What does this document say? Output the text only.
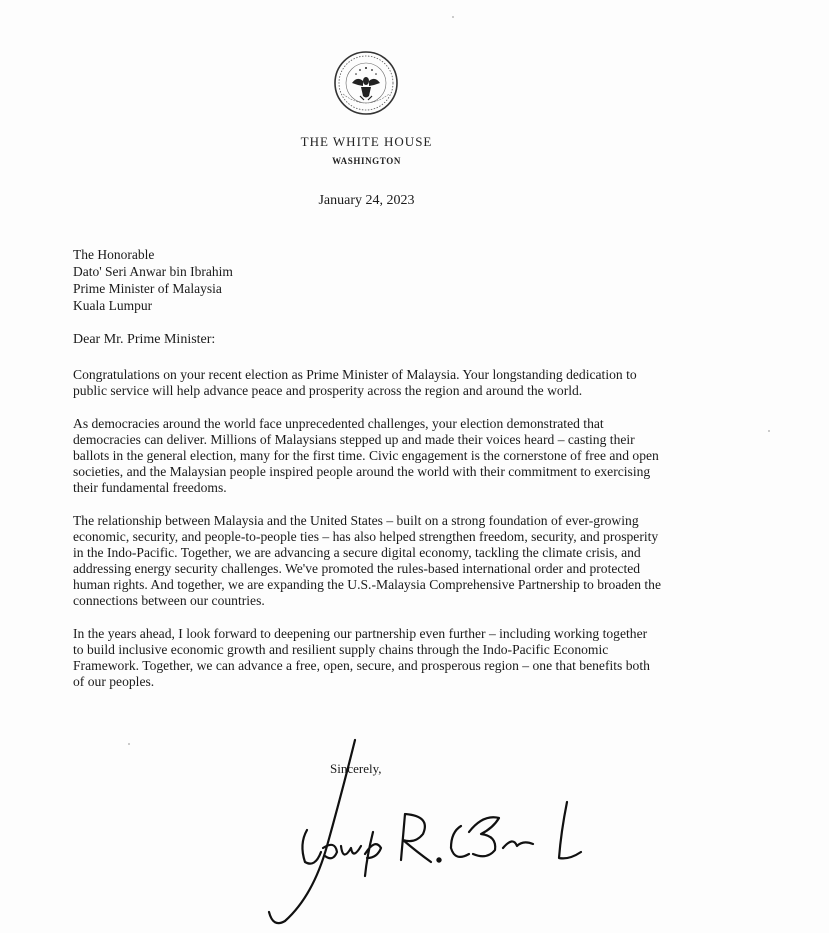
THE WHITE HOUSE
WASHINGTON
January 24, 2023
The Honorable
Dato' Seri Anwar bin Ibrahim
Prime Minister of Malaysia
Kuala Lumpur
Dear Mr. Prime Minister:

Congratulations on your recent election as Prime Minister of Malaysia. Your longstanding dedication to public service will help advance peace and prosperity across the region and around the world.

As democracies around the world face unprecedented challenges, your election demonstrated that democracies can deliver. Millions of Malaysians stepped up and made their voices heard – casting their ballots in the general election, many for the first time. Civic engagement is the cornerstone of free and open societies, and the Malaysian people inspired people around the world with their commitment to exercising their fundamental freedoms.

The relationship between Malaysia and the United States – built on a strong foundation of ever-growing economic, security, and people-to-people ties – has also helped strengthen freedom, security, and prosperity in the Indo-Pacific. Together, we are advancing a secure digital economy, tackling the climate crisis, and addressing energy security challenges. We've promoted the rules-based international order and protected human rights. And together, we are expanding the U.S.-Malaysia Comprehensive Partnership to broaden the connections between our countries.

In the years ahead, I look forward to deepening our partnership even further – including working together to build inclusive economic growth and resilient supply chains through the Indo-Pacific Economic Framework. Together, we can advance a free, open, secure, and prosperous region – one that benefits both of our peoples.

Sincerely,
